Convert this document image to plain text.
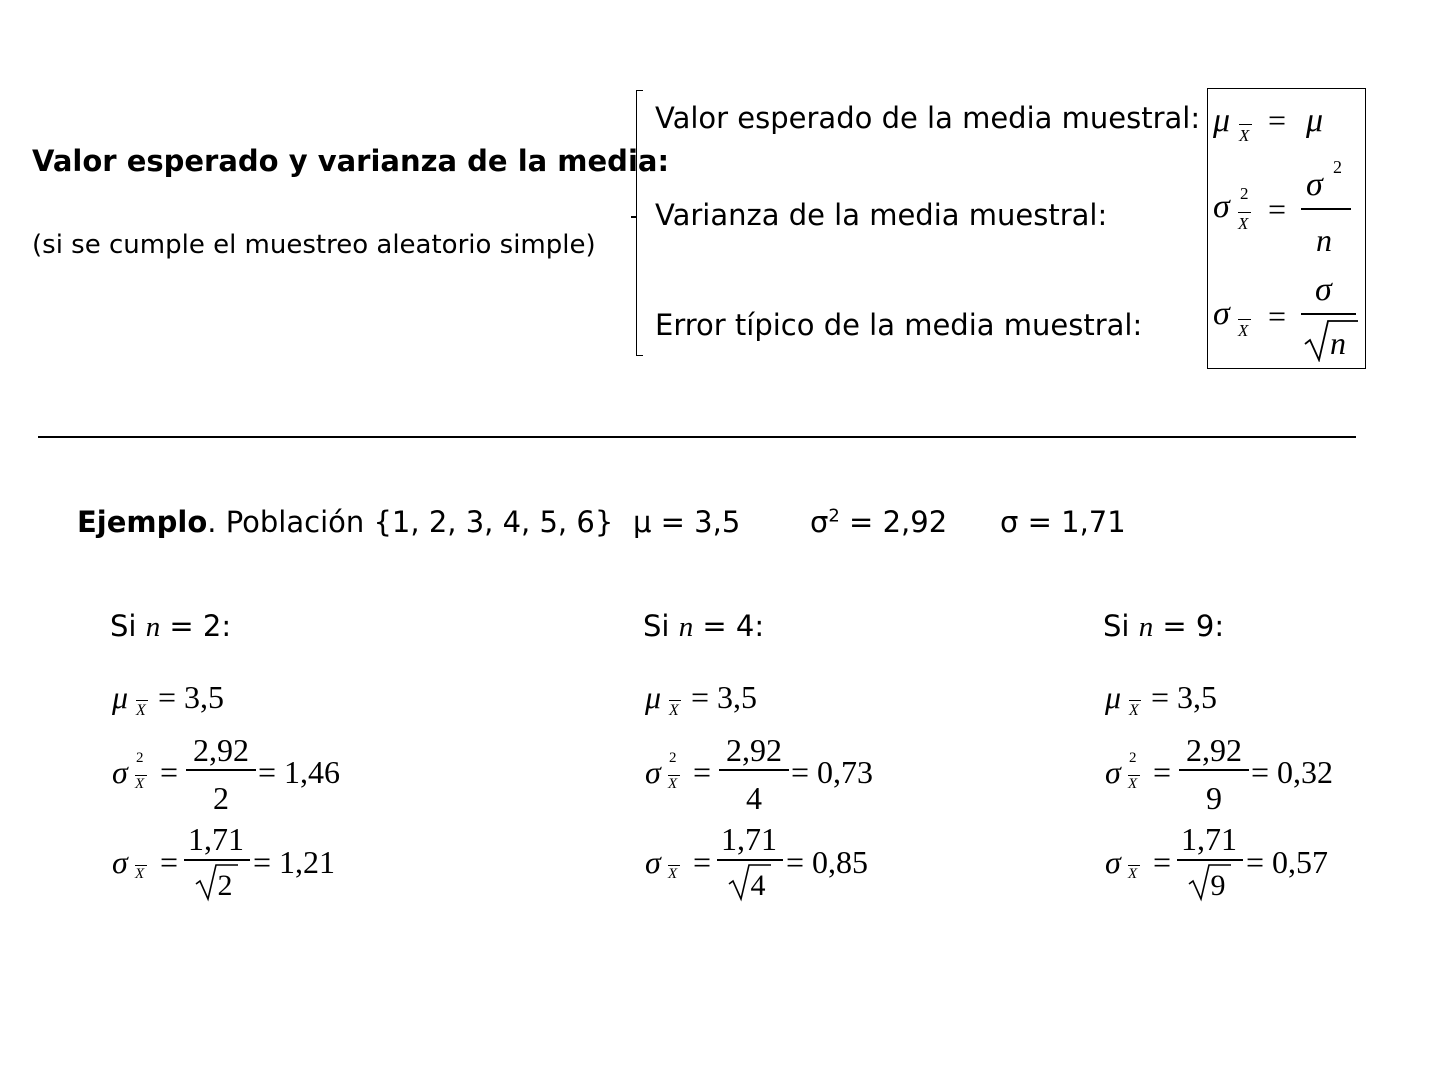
Valor esperado y varianza de la media:
(si se cumple el muestreo aleatorio simple)
Valor esperado de la media muestral:
Varianza de la media muestral:
Error típico de la media muestral:
μ X = μ
σ 2
X =
σ 2
n
σ X =
σ
n
Ejemplo. Población {1, 2, 3, 4, 5, 6} μ = 3,5 $\sigma^2 = 2,92$ σ = 1,71
Si n = 2:
μ X = 3,5
σ 2
X =
2,92
2
= 1,46
σ X =
1,71
2
= 1,21
Si n = 4:
μ X = 3,5
σ 2
X =
2,92
4
= 0,73
σ X =
1,71
4
= 0,85
Si n = 9:
μ X = 3,5
σ 2
X =
2,92
9
= 0,32
σ X =
1,71
9
= 0,57
